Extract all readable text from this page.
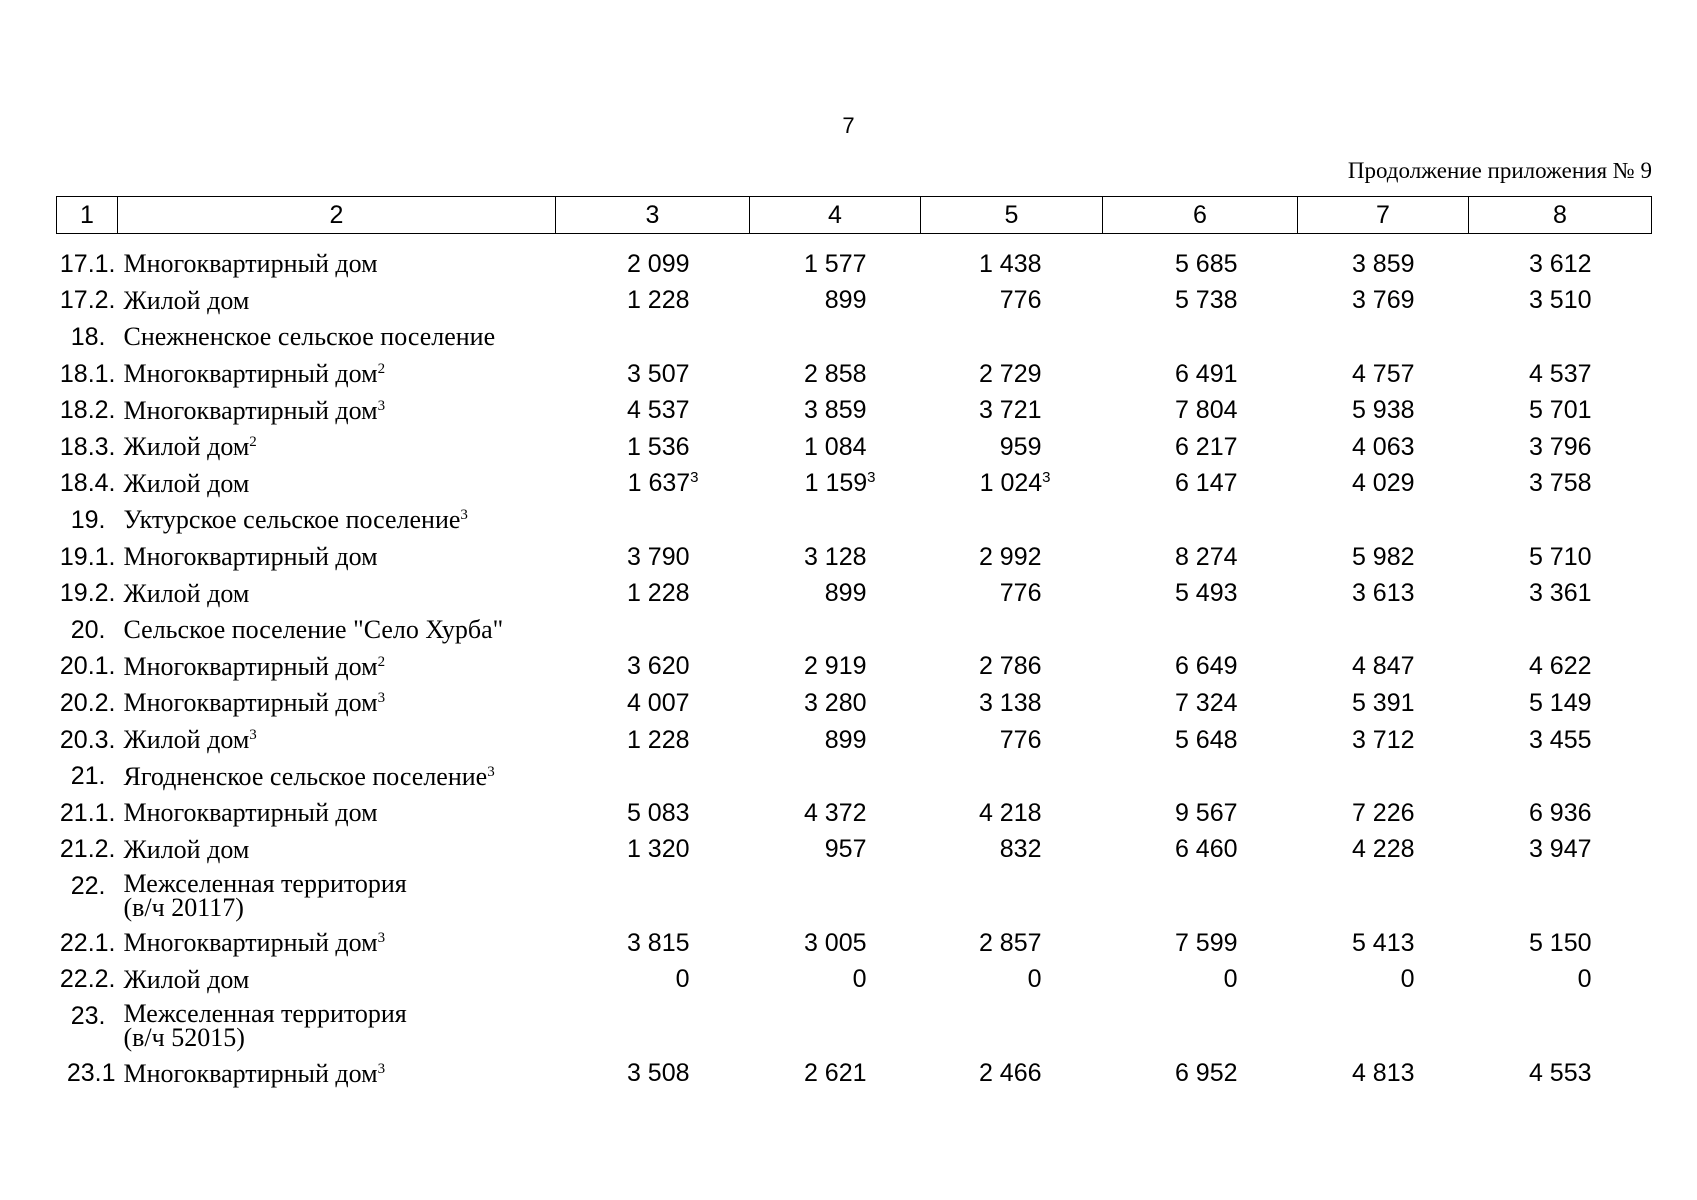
7
Продолжение приложения № 9
1	2	3	4	5	6	7	8
17.1.	Многоквартирный дом	2 099	1 577	1 438	5 685	3 859	3 612
17.2.	Жилой дом	1 228	899	776	5 738	3 769	3 510
18.	Снежненское сельское поселение						
18.1.	Многоквартирный дом$^2$	3 507	2 858	2 729	6 491	4 757	4 537
18.2.	Многоквартирный дом$^3$	4 537	3 859	3 721	7 804	5 938	5 701
18.3.	Жилой дом$^2$	1 536	1 084	959	6 217	4 063	3 796
18.4.	Жилой дом	1 $637^3$	1 $159^3$	1 $024^3$	6 147	4 029	3 758
19.	Уктурское сельское поселение$^3$						
19.1.	Многоквартирный дом	3 790	3 128	2 992	8 274	5 982	5 710
19.2.	Жилой дом	1 228	899	776	5 493	3 613	3 361
20.	Сельское поселение "Село Хурба"						
20.1.	Многоквартирный дом$^2$	3 620	2 919	2 786	6 649	4 847	4 622
20.2.	Многоквартирный дом$^3$	4 007	3 280	3 138	7 324	5 391	5 149
20.3.	Жилой дом$^3$	1 228	899	776	5 648	3 712	3 455
21.	Ягодненское сельское поселение$^3$						
21.1.	Многоквартирный дом	5 083	4 372	4 218	9 567	7 226	6 936
21.2.	Жилой дом	1 320	957	832	6 460	4 228	3 947
22.	Межселенная территория
(в/ч 20117)						
22.1.	Многоквартирный дом$^3$	3 815	3 005	2 857	7 599	5 413	5 150
22.2.	Жилой дом	0	0	0	0	0	0
23.	Межселенная территория
(в/ч 52015)						
23.1	Многоквартирный дом$^3$	3 508	2 621	2 466	6 952	4 813	4 553
